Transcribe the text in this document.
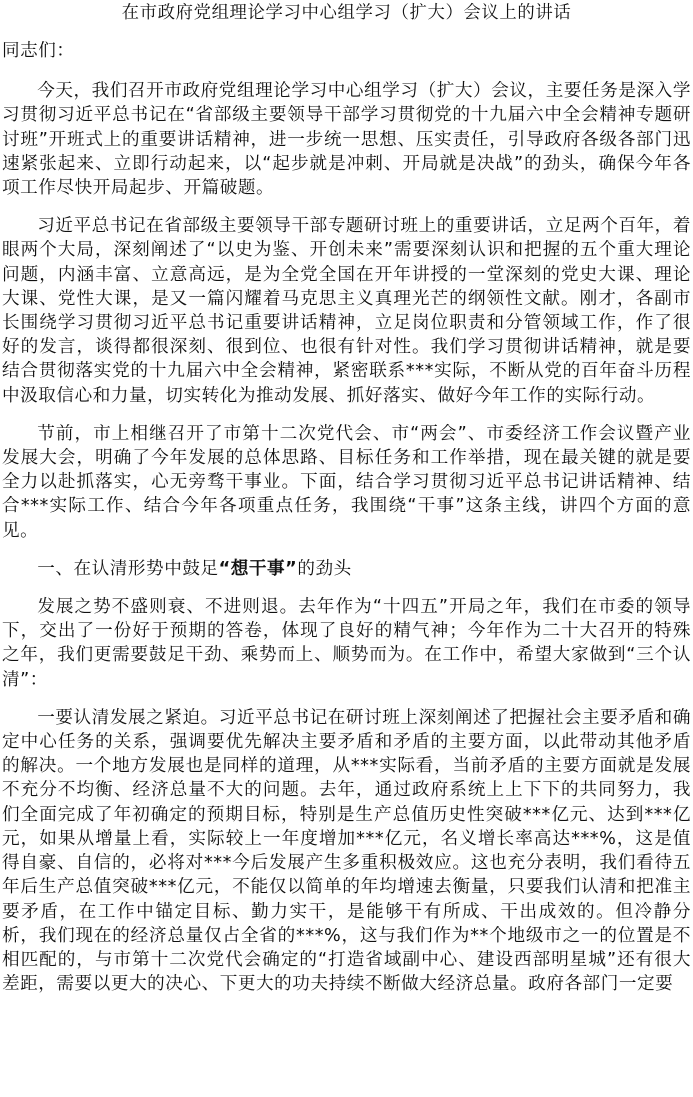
在市政府党组理论学习中心组学习（扩大）会议上的讲话
同志们：

今天，我们召开市政府党组理论学习中心组学习（扩大）会议，主要任务是深入学习贯彻习近平总书记在“省部级主要领导干部学习贯彻党的十九届六中全会精神专题研讨班”开班式上的重要讲话精神，进一步统一思想、压实责任，引导政府各级各部门迅速紧张起来、立即行动起来，以“起步就是冲刺、开局就是决战”的劲头，确保今年各项工作尽快开局起步、开篇破题。

习近平总书记在省部级主要领导干部专题研讨班上的重要讲话，立足两个百年，着眼两个大局，深刻阐述了“以史为鉴、开创未来”需要深刻认识和把握的五个重大理论问题，内涵丰富、立意高远，是为全党全国在开年讲授的一堂深刻的党史大课、理论大课、党性大课，是又一篇闪耀着马克思主义真理光芒的纲领性文献。刚才，各副市长围绕学习贯彻习近平总书记重要讲话精神，立足岗位职责和分管领域工作，作了很好的发言，谈得都很深刻、很到位、也很有针对性。我们学习贯彻讲话精神，就是要结合贯彻落实党的十九届六中全会精神，紧密联系***实际，不断从党的百年奋斗历程中汲取信心和力量，切实转化为推动发展、抓好落实、做好今年工作的实际行动。

节前，市上相继召开了市第十二次党代会、市“两会”、市委经济工作会议暨产业发展大会，明确了今年发展的总体思路、目标任务和工作举措，现在最关键的就是要全力以赴抓落实，心无旁骛干事业。下面，结合学习贯彻习近平总书记讲话精神、结合***实际工作、结合今年各项重点任务，我围绕“干事”这条主线，讲四个方面的意见。

一、在认清形势中鼓足“想干事”的劲头

发展之势不盛则衰、不进则退。去年作为“十四五”开局之年，我们在市委的领导下，交出了一份好于预期的答卷，体现了良好的精气神；今年作为二十大召开的特殊之年，我们更需要鼓足干劲、乘势而上、顺势而为。在工作中，希望大家做到“三个认清”：

一要认清发展之紧迫。习近平总书记在研讨班上深刻阐述了把握社会主要矛盾和确定中心任务的关系，强调要优先解决主要矛盾和矛盾的主要方面，以此带动其他矛盾的解决。一个地方发展也是同样的道理，从***实际看，当前矛盾的主要方面就是发展不充分不均衡、经济总量不大的问题。去年，通过政府系统上上下下的共同努力，我们全面完成了年初确定的预期目标，特别是生产总值历史性突破***亿元、达到***亿元，如果从增量上看，实际较上一年度增加***亿元，名义增长率高达***%，这是值得自豪、自信的，必将对***今后发展产生多重积极效应。这也充分表明，我们看待五年后生产总值突破***亿元，不能仅以简单的年均增速去衡量，只要我们认清和把准主要矛盾，在工作中锚定目标、勤力实干，是能够干有所成、干出成效的。但冷静分析，我们现在的经济总量仅占全省的***%，这与我们作为**个地级市之一的位置是不相匹配的，与市第十二次党代会确定的“打造省域副中心、建设西部明星城”还有很大差距，需要以更大的决心、下更大的功夫持续不断做大经济总量。政府各部门一定要
